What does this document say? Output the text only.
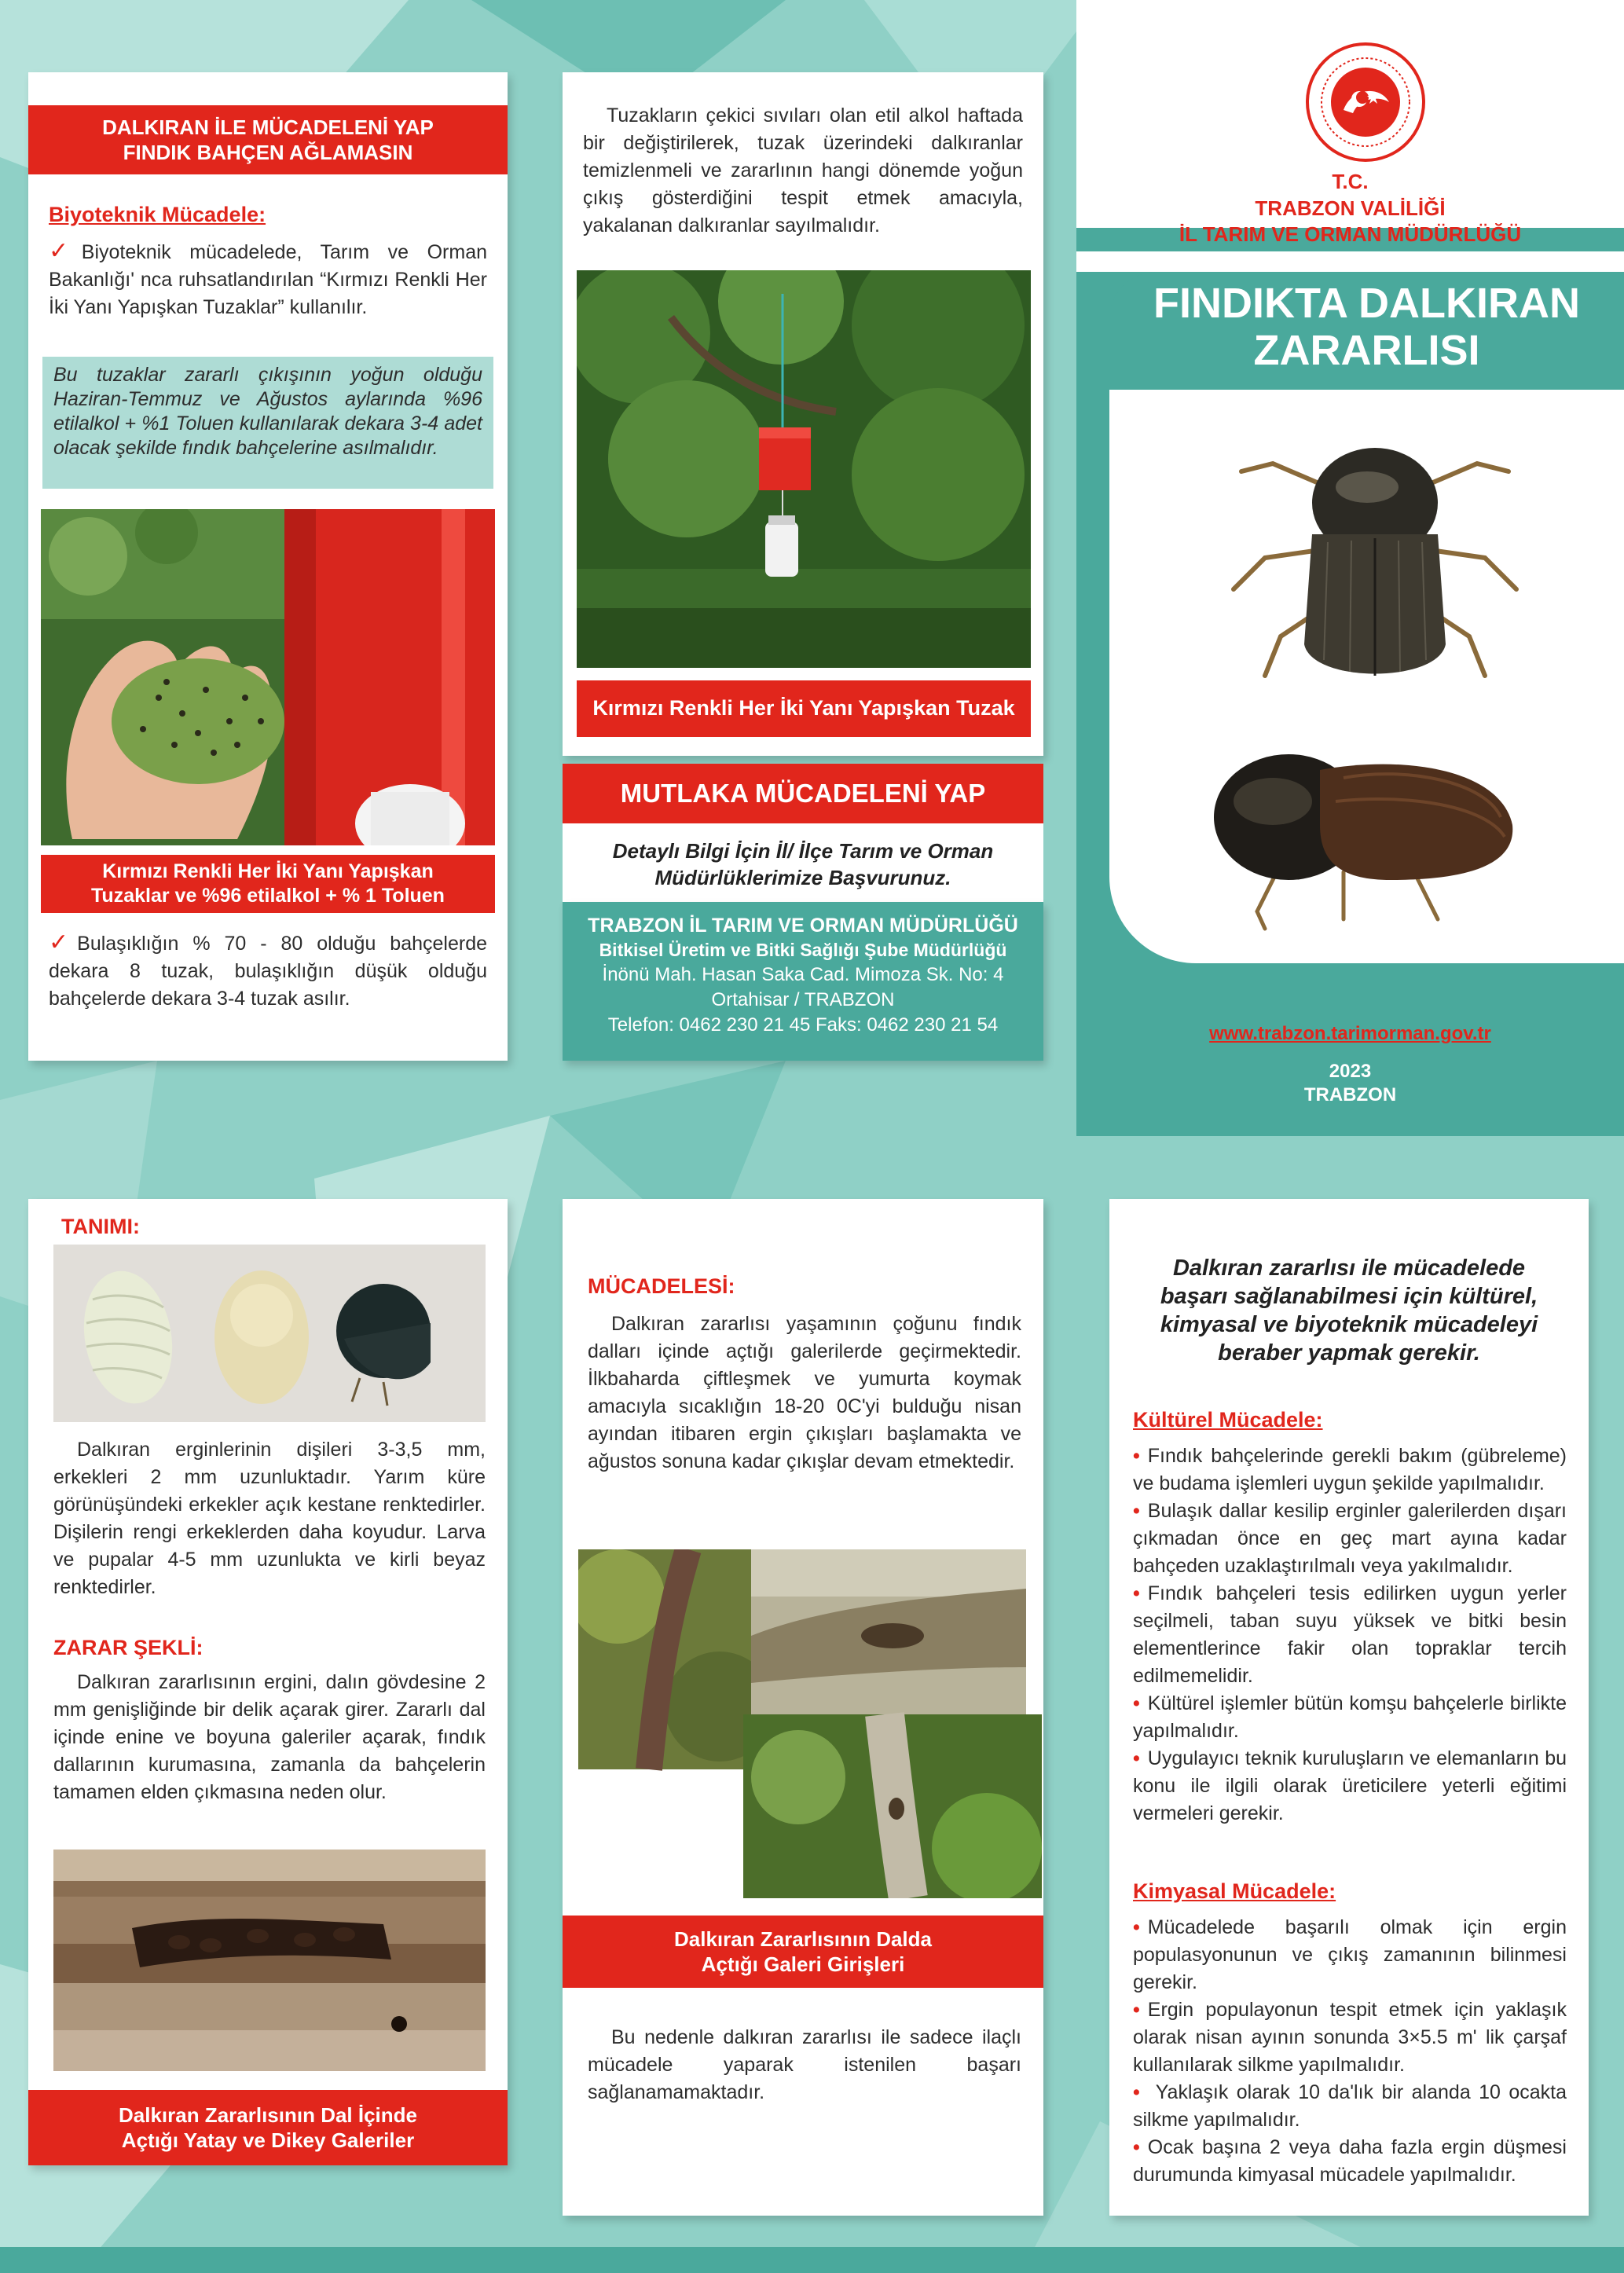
DALKIRAN İLE MÜCADELENİ YAP
FINDIK BAHÇEN AĞLAMASIN
Biyoteknik Mücadele:
✓Biyoteknik mücadelede, Tarım ve Orman Bakanlığı' nca ruhsatlandırılan “Kırmızı Renkli Her İki Yanı Yapışkan Tuzaklar” kullanılır.
Bu tuzaklar zararlı çıkışının yoğun olduğu Haziran-Temmuz ve Ağustos aylarında %96 etilalkol + %1 Toluen kullanılarak dekara 3-4 adet olacak şekilde fındık bahçelerine asılmalıdır.
Kırmızı Renkli Her İki Yanı Yapışkan
Tuzaklar ve %96 etilalkol + % 1 Toluen
✓Bulaşıklığın % 70 - 80 olduğu bahçelerde dekara 8 tuzak, bulaşıklığın düşük olduğu bahçelerde dekara 3-4 tuzak asılır.
Tuzakların çekici sıvıları olan etil alkol haftada bir değiştirilerek, tuzak üzerindeki dalkıranlar temizlenmeli ve zararlının hangi dönemde yoğun çıkış gösterdiğini tespit etmek amacıyla, yakalanan dalkıranlar sayılmalıdır.
Kırmızı Renkli Her İki Yanı Yapışkan Tuzak
MUTLAKA MÜCADELENİ YAP
Detaylı Bilgi İçin İl/ İlçe Tarım ve Orman
Müdürlüklerimize Başvurunuz.
TRABZON İL TARIM VE ORMAN MÜDÜRLÜĞÜ
Bitkisel Üretim ve Bitki Sağlığı Şube Müdürlüğü
İnönü Mah. Hasan Saka Cad. Mimoza Sk. No: 4
Ortahisar / TRABZON
Telefon: 0462 230 21 45 Faks: 0462 230 21 54
T.C.
TRABZON VALİLİĞİ
İL TARIM VE ORMAN MÜDÜRLÜĞÜ
FINDIKTA DALKIRAN
ZARARLISI
www.trabzon.tarimorman.gov.tr
2023
TRABZON
TANIMI:
Dalkıran erginlerinin dişileri 3-3,5 mm, erkekleri 2 mm uzunluktadır. Yarım küre görünüşündeki erkekler açık kestane renktedirler. Dişilerin rengi erkeklerden daha koyudur. Larva ve pupalar 4-5 mm uzunlukta ve kirli beyaz renktedirler.
ZARAR ŞEKLİ:
Dalkıran zararlısının ergini, dalın gövdesine 2 mm genişliğinde bir delik açarak girer. Zararlı dal içinde enine ve boyuna galeriler açarak, fındık dallarının kurumasına, zamanla da bahçelerin tamamen elden çıkmasına neden olur.
Dalkıran Zararlısının Dal İçinde
Açtığı Yatay ve Dikey Galeriler
MÜCADELESİ:
Dalkıran zararlısı yaşamının çoğunu fındık dalları içinde açtığı galerilerde geçirmektedir. İlkbaharda çiftleşmek ve yumurta koymak amacıyla sıcaklığın 18-20 0C'yi bulduğu nisan ayından itibaren ergin çıkışları başlamakta ve ağustos sonuna kadar çıkışlar devam etmektedir.
Dalkıran Zararlısının Dalda
Açtığı Galeri Girişleri
Bu nedenle dalkıran zararlısı ile sadece ilaçlı mücadele yaparak istenilen başarı sağlanamamaktadır.
Dalkıran zararlısı ile mücadelede
başarı sağlanabilmesi için kültürel,
kimyasal ve biyoteknik mücadeleyi
beraber yapmak gerekir.
Kültürel Mücadele:

• Fındık bahçelerinde gerekli bakım (gübreleme) ve budama işlemleri uygun şekilde yapılmalıdır.

• Bulaşık dallar kesilip erginler galerilerden dışarı çıkmadan önce en geç mart ayına kadar bahçeden uzaklaştırılmalı veya yakılmalıdır.

• Fındık bahçeleri tesis edilirken uygun yerler seçilmeli, taban suyu yüksek ve bitki besin elementlerince fakir olan topraklar tercih edilmemelidir.

• Kültürel işlemler bütün komşu bahçelerle birlikte yapılmalıdır.

• Uygulayıcı teknik kuruluşların ve elemanların bu konu ile ilgili olarak üreticilere yeterli eğitimi vermeleri gerekir.

Kimyasal Mücadele:

• Mücadelede başarılı olmak için ergin populasyonunun ve çıkış zamanının bilinmesi gerekir.

• Ergin populayonun tespit etmek için yaklaşık olarak nisan ayının sonunda 3×5.5 m' lik çarşaf kullanılarak silkme yapılmalıdır.

• Yaklaşık olarak 10 da'lık bir alanda 10 ocakta silkme yapılmalıdır.

• Ocak başına 2 veya daha fazla ergin düşmesi durumunda kimyasal mücadele yapılmalıdır.
